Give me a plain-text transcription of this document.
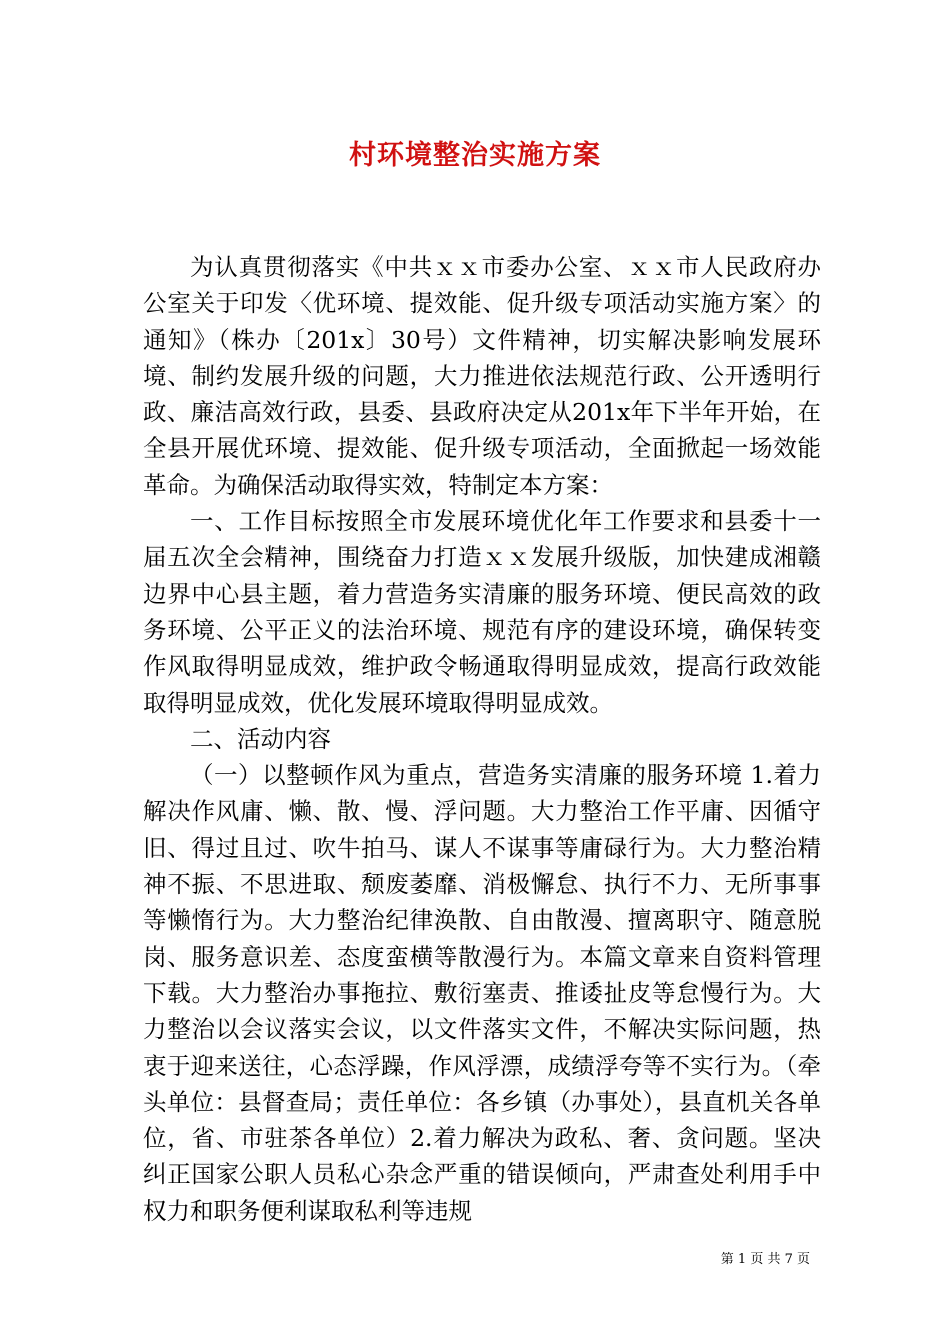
村环境整治实施方案

为认真贯彻落实《中共ｘｘ市委办公室、ｘｘ市人民政府办公室关于印发〈优环境、提效能、促升级专项活动实施方案〉的通知》（株办〔201x〕30号）文件精神，切实解决影响发展环境、制约发展升级的问题，大力推进依法规范行政、公开透明行政、廉洁高效行政，县委、县政府决定从201x年下半年开始，在全县开展优环境、提效能、促升级专项活动，全面掀起一场效能革命。为确保活动取得实效，特制定本方案：

一、工作目标按照全市发展环境优化年工作要求和县委十一届五次全会精神，围绕奋力打造ｘｘ发展升级版，加快建成湘赣边界中心县主题，着力营造务实清廉的服务环境、便民高效的政务环境、公平正义的法治环境、规范有序的建设环境，确保转变作风取得明显成效，维护政令畅通取得明显成效，提高行政效能取得明显成效，优化发展环境取得明显成效。

二、活动内容

（一）以整顿作风为重点，营造务实清廉的服务环境 1.着力解决作风庸、懒、散、慢、浮问题。大力整治工作平庸、因循守旧、得过且过、吹牛拍马、谋人不谋事等庸碌行为。大力整治精神不振、不思进取、颓废萎靡、消极懈怠、执行不力、无所事事等懒惰行为。大力整治纪律涣散、自由散漫、擅离职守、随意脱岗、服务意识差、态度蛮横等散漫行为。本篇文章来自资料管理下载。大力整治办事拖拉、敷衍塞责、推诿扯皮等怠慢行为。大力整治以会议落实会议，以文件落实文件，不解决实际问题，热衷于迎来送往，心态浮躁，作风浮漂，成绩浮夸等不实行为。（牵头单位：县督查局；责任单位：各乡镇（办事处），县直机关各单位，省、市驻茶各单位）2.着力解决为政私、奢、贪问题。坚决纠正国家公职人员私心杂念严重的错误倾向，严肃查处利用手中权力和职务便利谋取私利等违规

第 1 页 共 7 页
